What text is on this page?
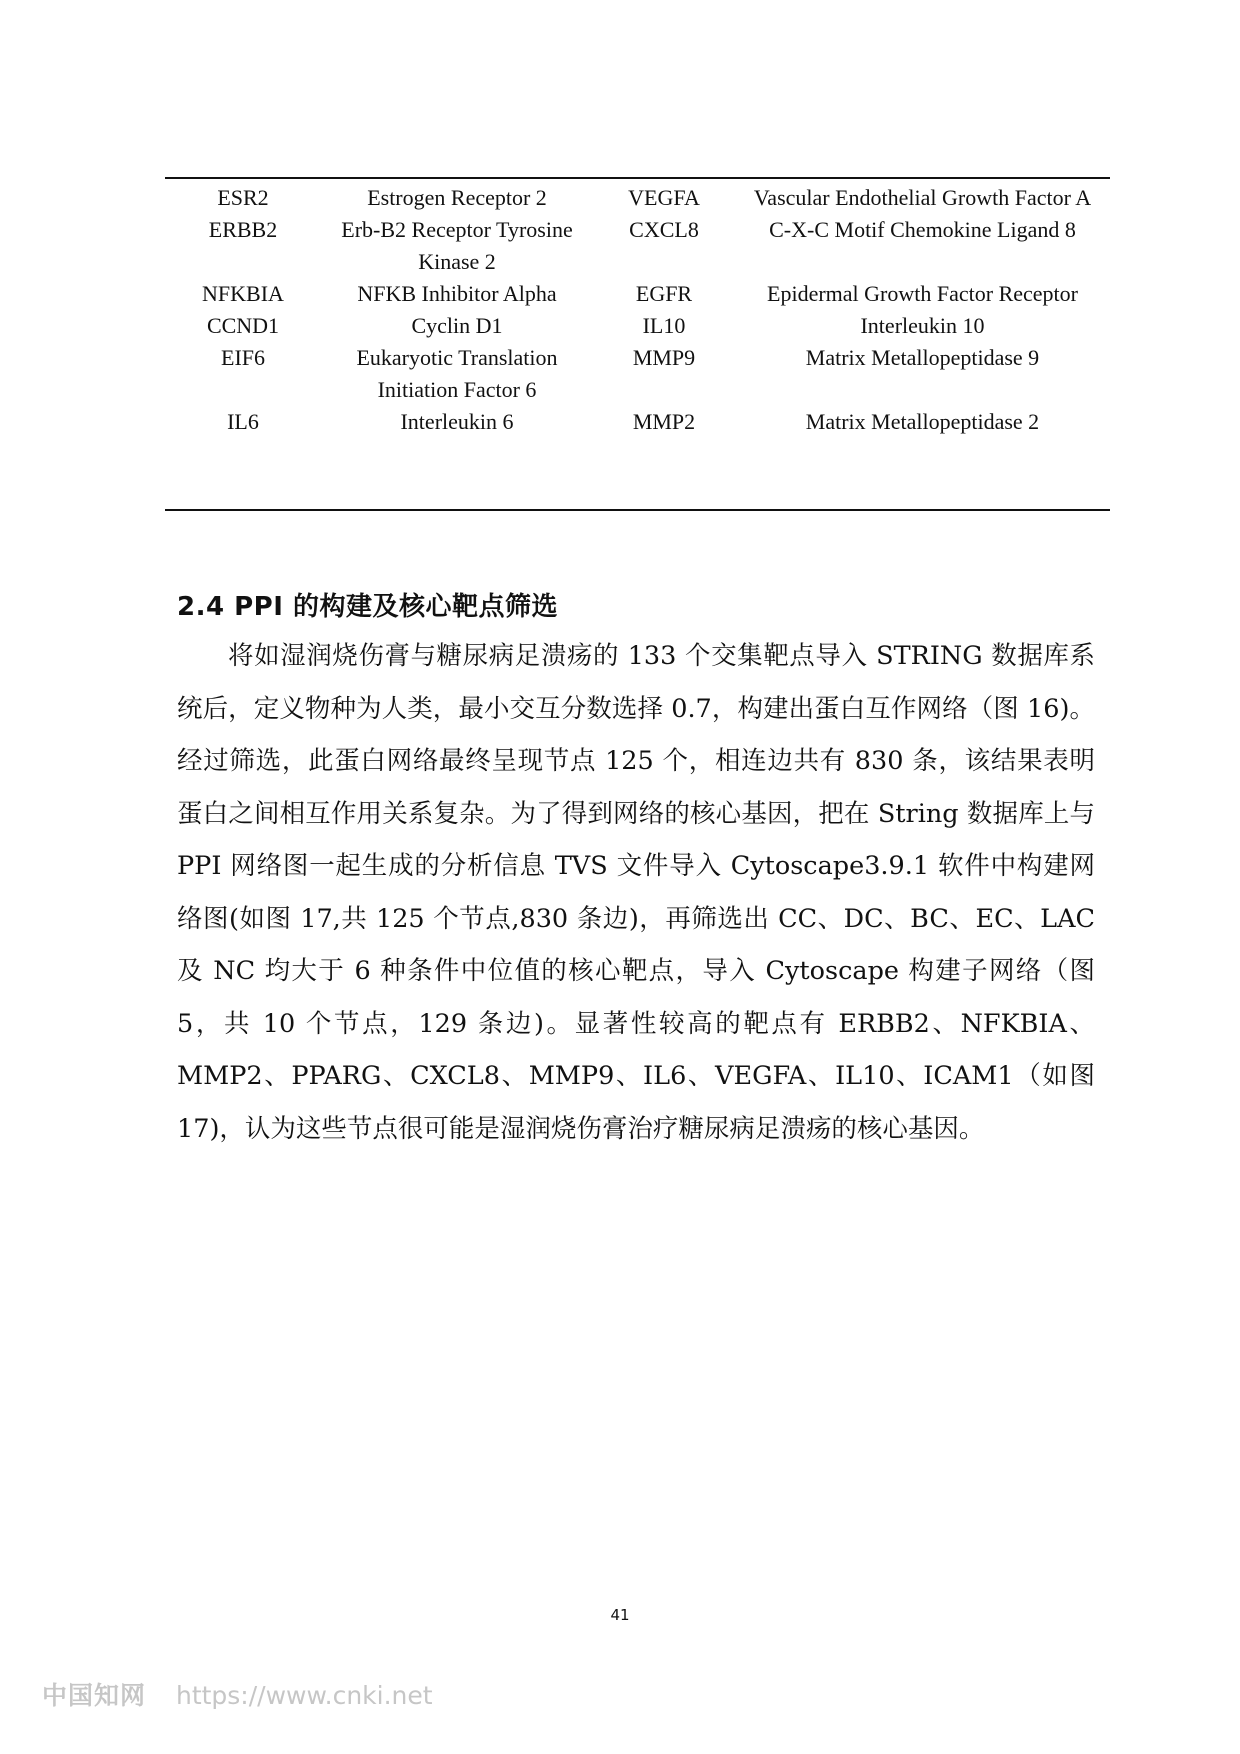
ESR2	Estrogen Receptor 2	VEGFA	Vascular Endothelial Growth Factor A
ERBB2	Erb-B2 Receptor Tyrosine Kinase 2	CXCL8	C-X-C Motif Chemokine Ligand 8
NFKBIA	NFKB Inhibitor Alpha	EGFR	Epidermal Growth Factor Receptor
CCND1	Cyclin D1	IL10	Interleukin 10
EIF6	Eukaryotic Translation Initiation Factor 6	MMP9	Matrix Metallopeptidase 9
IL6	Interleukin 6	MMP2	Matrix Metallopeptidase 2
2.4 PPI 的构建及核心靶点筛选

将如湿润烧伤膏与糖尿病足溃疡的 133 个交集靶点导入 STRING 数据库系统后，定义物种为人类，最小交互分数选择 0.7，构建出蛋白互作网络（图 16)。经过筛选，此蛋白网络最终呈现节点 125 个，相连边共有 830 条，该结果表明蛋白之间相互作用关系复杂。为了得到网络的核心基因，把在 String 数据库上与 PPI 网络图一起生成的分析信息 TVS 文件导入 Cytoscape3.9.1 软件中构建网络图(如图 17,共 125 个节点,830 条边)，再筛选出 CC、DC、BC、EC、LAC 及 NC 均大于 6 种条件中位值的核心靶点，导入 Cytoscape 构建子网络（图 5，共 10 个节点，129 条边)。显著性较高的靶点有 ERBB2、NFKBIA、MMP2、PPARG、CXCL8、MMP9、IL6、VEGFA、IL10、ICAM1（如图 17)，认为这些节点很可能是湿润烧伤膏治疗糖尿病足溃疡的核心基因。

41
中国知网 https://www.cnki.net
